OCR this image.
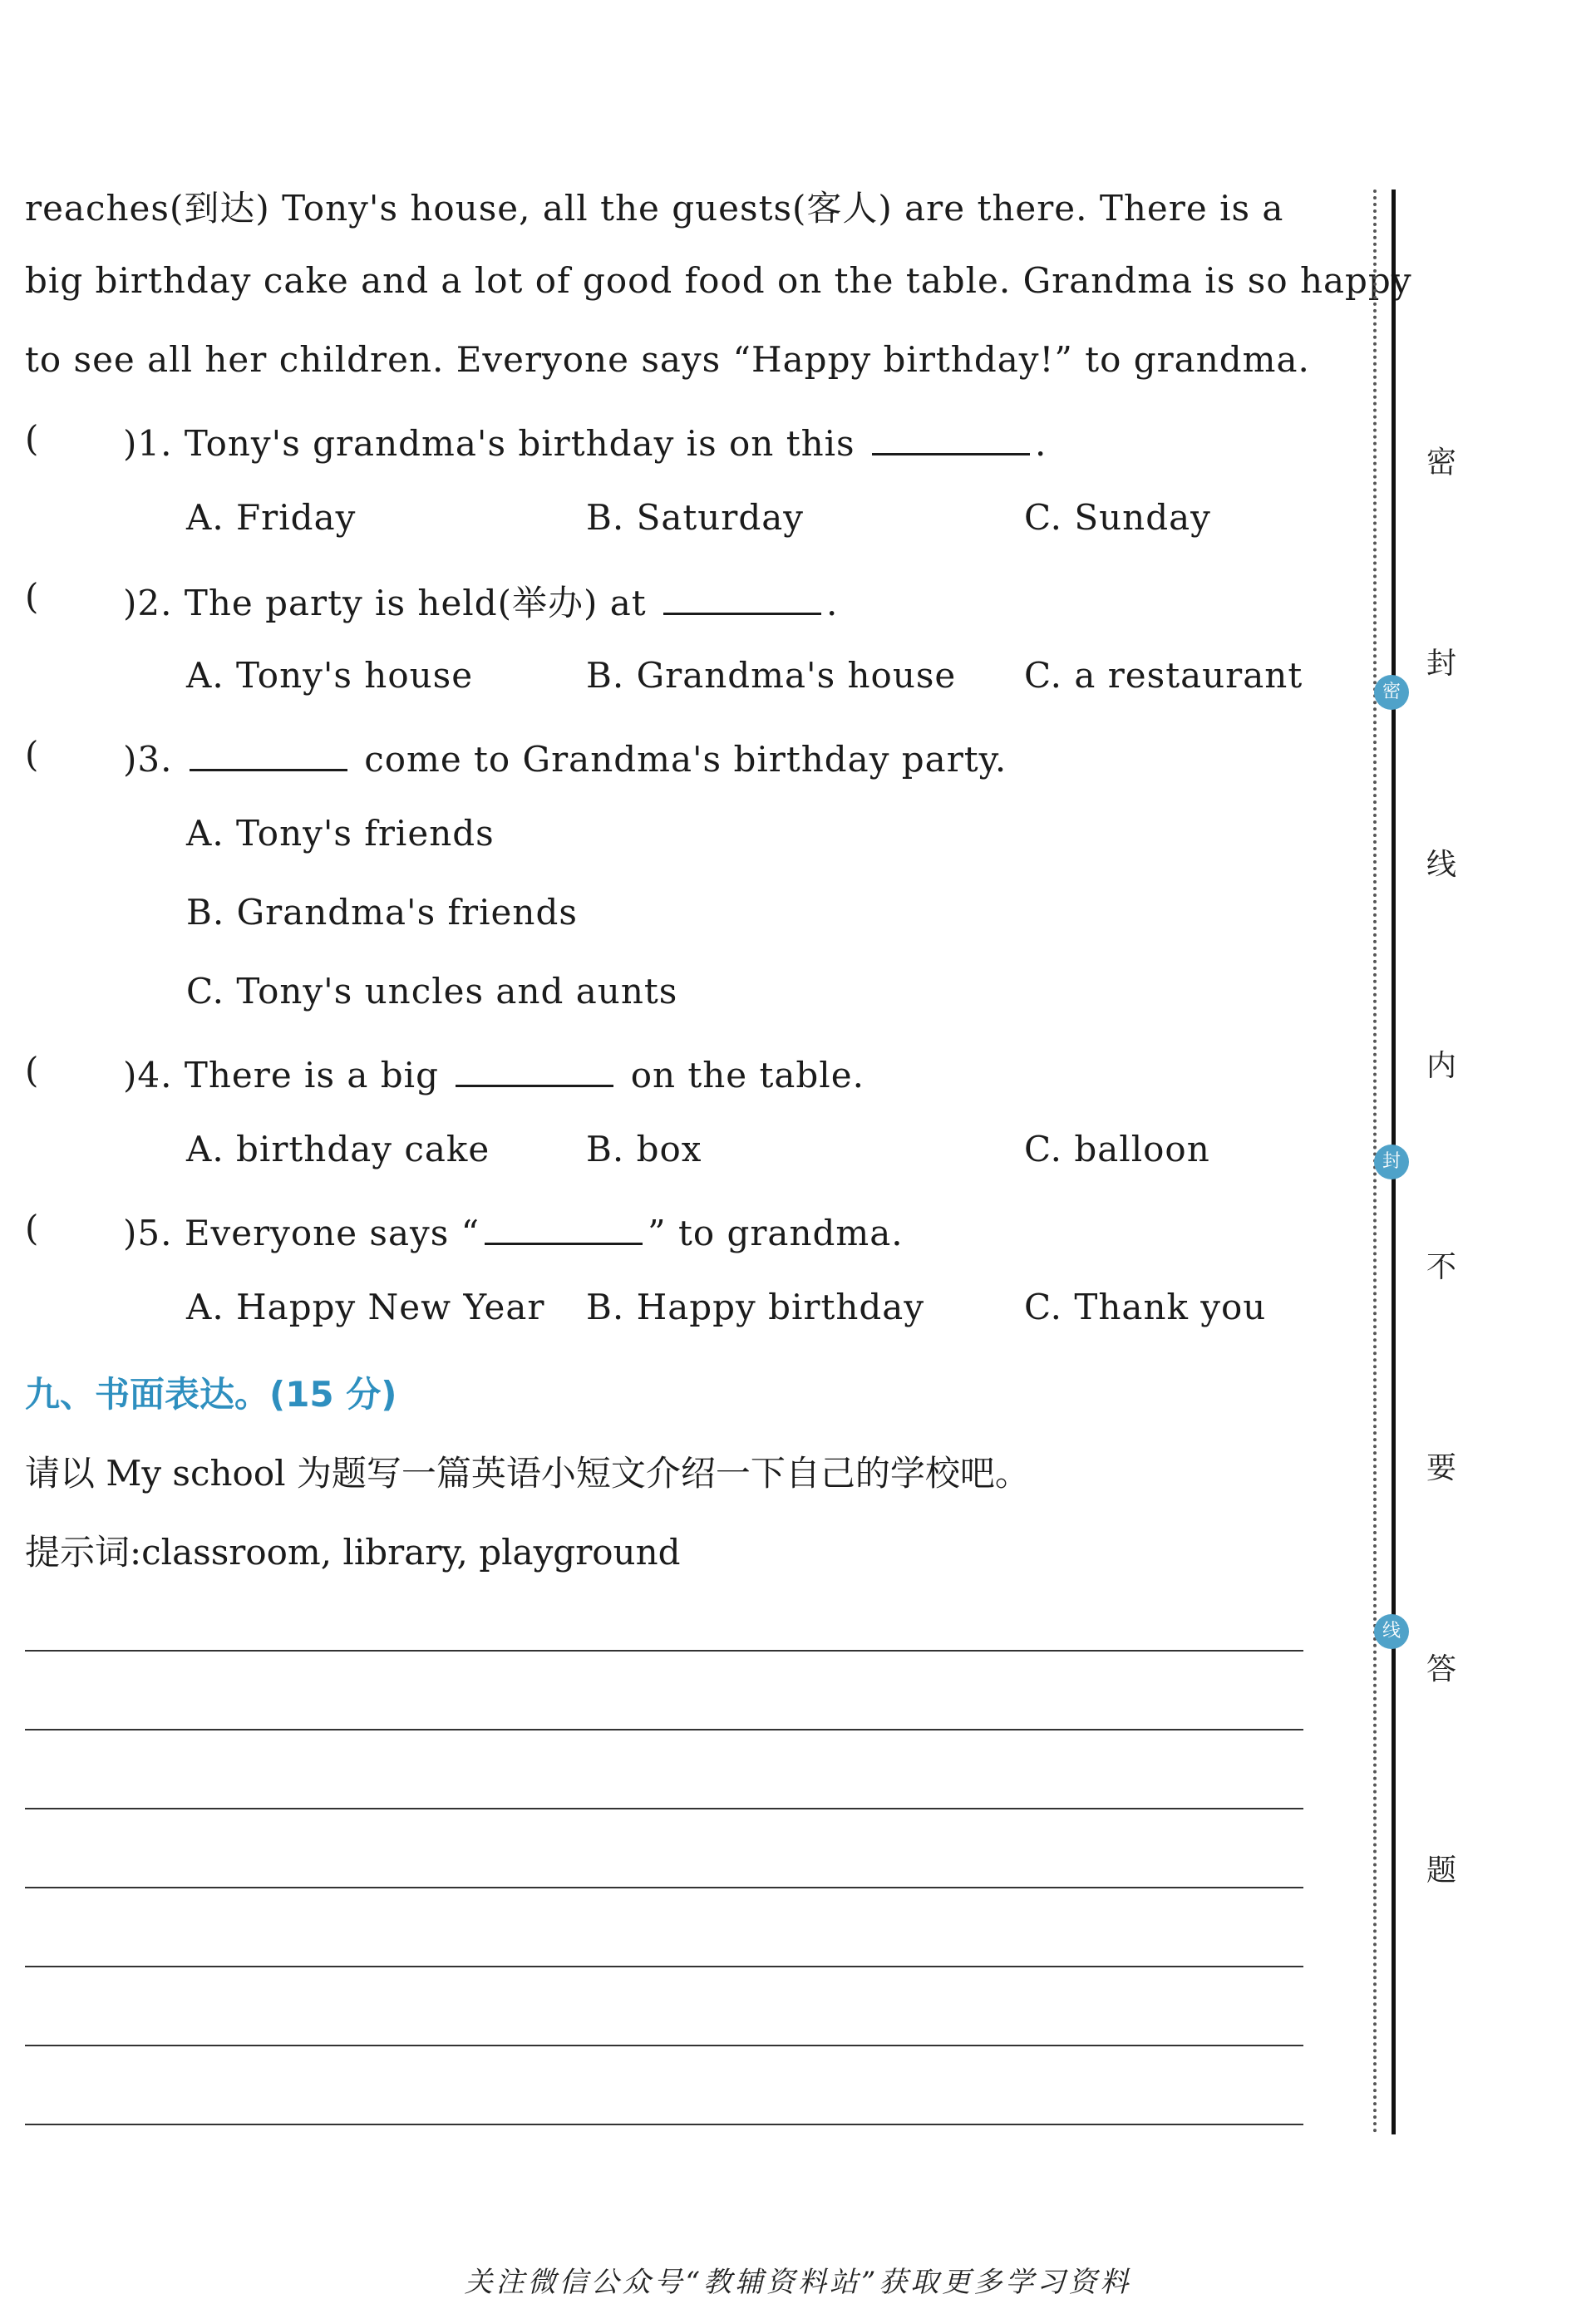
reaches(到达) Tony's house, all the guests(客人) are there. There is a
big birthday cake and a lot of good food on the table. Grandma is so happy
to see all her children. Everyone says “Happy birthday!” to grandma.
( )1. Tony's grandma's birthday is on this	.
A. Friday	B. Saturday	C. Sunday
( )2. The party is held(举办) at	.
A. Tony's house	B. Grandma's house C. a restaurant
( )3.	come to Grandma's birthday party.
A. Tony's friends
B. Grandma's friends
C. Tony's uncles and aunts
( )4. There is a big	on the table.
A. birthday cake	B. box	C. balloon
( )5. Everyone says “	” to grandma.
A. Happy New Year B. Happy birthday	C. Thank you
九、书面表达。(15 分)
请以 My school 为题写一篇英语小短文介绍一下自己的学校吧。
提示词:classroom, library, playground
密
封
线
内
不
要
答
题
密
封
线
关注微信公众号“教辅资料站”获取更多学习资料
